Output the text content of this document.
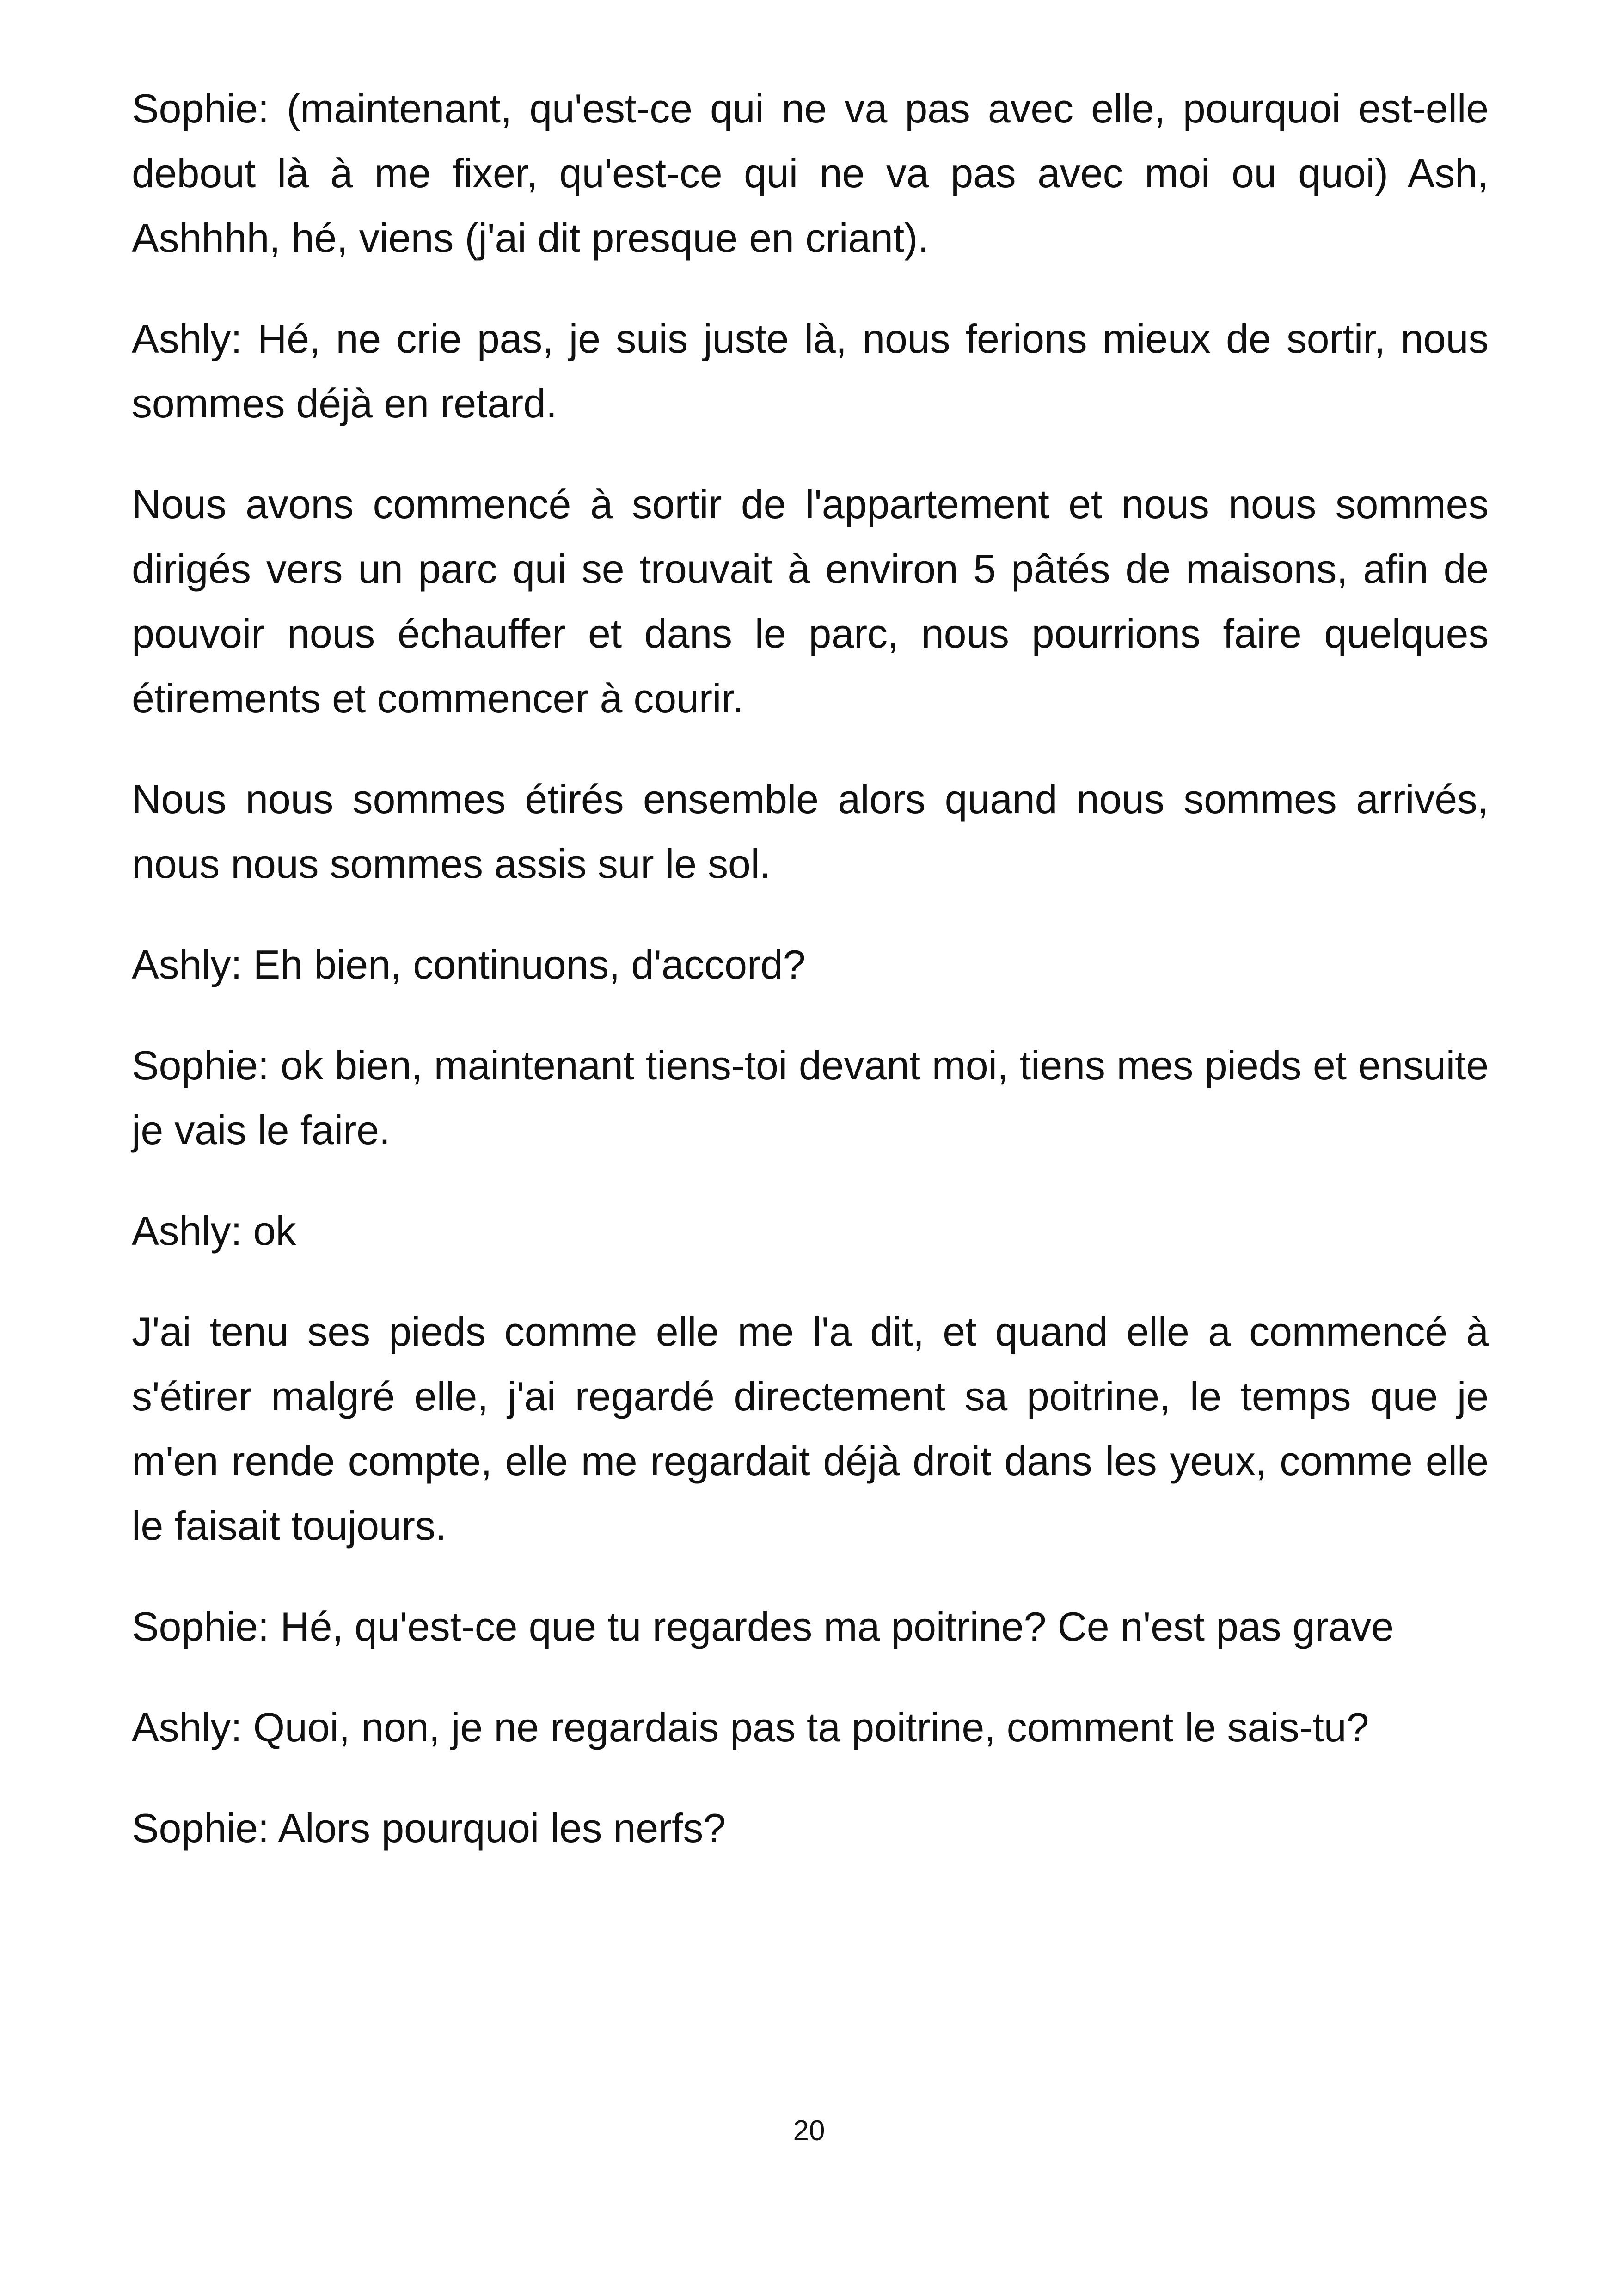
Sophie: (maintenant, qu'est-ce qui ne va pas avec elle, pourquoi est-elle debout là à me fixer, qu'est-ce qui ne va pas avec moi ou quoi) Ash, Ashhhh, hé, viens (j'ai dit presque en criant).

Ashly: Hé, ne crie pas, je suis juste là, nous ferions mieux de sortir, nous sommes déjà en retard.

Nous avons commencé à sortir de l'appartement et nous nous sommes dirigés vers un parc qui se trouvait à environ 5 pâtés de maisons, afin de pouvoir nous échauffer et dans le parc, nous pourrions faire quelques étirements et commencer à courir.

Nous nous sommes étirés ensemble alors quand nous sommes arrivés, nous nous sommes assis sur le sol.

Ashly: Eh bien, continuons, d'accord?

Sophie: ok bien, maintenant tiens-toi devant moi, tiens mes pieds et ensuite je vais le faire.

Ashly: ok

J'ai tenu ses pieds comme elle me l'a dit, et quand elle a commencé à s'étirer malgré elle, j'ai regardé directement sa poitrine, le temps que je m'en rende compte, elle me regardait déjà droit dans les yeux, comme elle le faisait toujours.

Sophie: Hé, qu'est-ce que tu regardes ma poitrine? Ce n'est pas grave

Ashly: Quoi, non, je ne regardais pas ta poitrine, comment le sais-tu?

Sophie: Alors pourquoi les nerfs?

20
